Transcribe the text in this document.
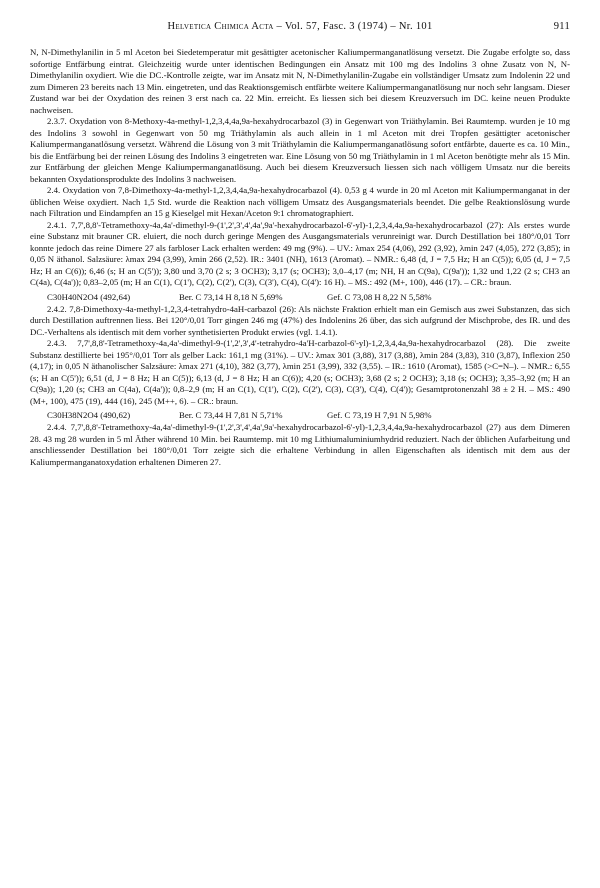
Helvetica Chimica Acta – Vol. 57, Fasc. 3 (1974) – Nr. 101	911

N, N-Dimethylanilin in 5 ml Aceton bei Siedetemperatur mit gesättigter acetonischer Kaliumpermanganatlösung versetzt. Die Zugabe erfolgte so, dass sofortige Entfärbung eintrat. Gleichzeitig wurde unter identischen Bedingungen ein Ansatz mit 100 mg des Indolins 3 ohne Zusatz von N, N-Dimethylanilin oxydiert. Wie die DC.-Kontrolle zeigte, war im Ansatz mit N, N-Dimethylanilin-Zugabe ein vollständiger Umsatz zum Indolenin 22 und zum Dimeren 23 bereits nach 13 Min. eingetreten, und das Reaktionsgemisch entfärbte weitere Kaliumpermanganatlösung nur noch sehr langsam. Dieser Zustand war bei der Oxydation des reinen 3 erst nach ca. 22 Min. erreicht. Es liessen sich bei diesem Kreuzversuch im DC. keine neuen Produkte nachweisen.

2.3.7. Oxydation von 8-Methoxy-4a-methyl-1,2,3,4,4a,9a-hexahydrocarbazol (3) in Gegenwart von Triäthylamin. Bei Raumtemp. wurden je 10 mg des Indolins 3 sowohl in Gegenwart von 50 mg Triäthylamin als auch allein in 1 ml Aceton mit drei Tropfen gesättigter acetonischer Kaliumpermanganatlösung versetzt. Während die Lösung von 3 mit Triäthylamin die Kaliumpermanganatlösung sofort entfärbte, dauerte es ca. 10 Min., bis die Entfärbung bei der reinen Lösung des Indolins 3 eingetreten war. Eine Lösung von 50 mg Triäthylamin in 1 ml Aceton benötigte mehr als 15 Min. zur Entfärbung der gleichen Menge Kaliumpermanganatlösung. Auch bei diesem Kreuzversuch liessen sich nach völligem Umsatz nur die bereits bekannten Oxydationsprodukte des Indolins 3 nachweisen.

2.4. Oxydation von 7,8-Dimethoxy-4a-methyl-1,2,3,4,4a,9a-hexahydrocarbazol (4). 0,53 g 4 wurde in 20 ml Aceton mit Kaliumpermanganat in der üblichen Weise oxydiert. Nach 1,5 Std. wurde die Reaktion nach völligem Umsatz des Ausgangsmaterials beendet. Die gelbe Reaktionslösung wurde nach Filtration und Eindampfen an 15 g Kieselgel mit Hexan/Aceton 9:1 chromatographiert.

2.4.1. 7,7',8,8'-Tetramethoxy-4a,4a'-dimethyl-9-(1',2',3',4',4a',9a'-hexahydrocarbazol-6'-yl)-1,2,3,4,4a,9a-hexahydrocarbazol (27): Als erstes wurde eine Substanz mit brauner CR. eluiert, die noch durch geringe Mengen des Ausgangsmaterials verunreinigt war. Durch Destillation bei 180°/0,01 Torr konnte jedoch das reine Dimere 27 als farbloser Lack erhalten werden: 49 mg (9%). – UV.: λmax 254 (4,06), 292 (3,92), λmin 247 (4,05), 272 (3,85); in 0,05 N äthanol. Salzsäure: λmax 294 (3,99), λmin 266 (2,52). IR.: 3401 (NH), 1613 (Aromat). – NMR.: 6,48 (d, J = 7,5 Hz; H an C(5)); 6,05 (d, J = 7,5 Hz; H an C(6)); 6,46 (s; H an C(5')); 3,80 und 3,70 (2 s; 3 OCH3); 3,17 (s; OCH3); 3,0–4,17 (m; NH, H an C(9a), C(9a')); 1,32 und 1,22 (2 s; CH3 an C(4a), C(4a')); 0,83–2,05 (m; H an C(1), C(1'), C(2), C(2'), C(3), C(3'), C(4), C(4'): 16 H). – MS.: 492 (M+, 100), 446 (17). – CR.: braun.

C30H40N2O4 (492,64)	Ber. C 73,14 H 8,18 N 5,69%	Gef. C 73,08 H 8,22 N 5,58%

2.4.2. 7,8-Dimethoxy-4a-methyl-1,2,3,4-tetrahydro-4aH-carbazol (26): Als nächste Fraktion erhielt man ein Gemisch aus zwei Substanzen, das sich durch Destillation auftrennen liess. Bei 120°/0,01 Torr gingen 246 mg (47%) des Indolenins 26 über, das sich aufgrund der Mischprobe, des IR. und des DC.-Verhaltens als identisch mit dem vorher synthetisierten Produkt erwies (vgl. 1.4.1).

2.4.3. 7,7',8,8'-Tetramethoxy-4a,4a'-dimethyl-9-(1',2',3',4'-tetrahydro-4a'H-carbazol-6'-yl)-1,2,3,4,4a,9a-hexahydrocarbazol (28). Die zweite Substanz destillierte bei 195°/0,01 Torr als gelber Lack: 161,1 mg (31%). – UV.: λmax 301 (3,88), 317 (3,88), λmin 284 (3,83), 310 (3,87), Inflexion 250 (4,17); in 0,05 N äthanolischer Salzsäure: λmax 271 (4,10), 382 (3,77), λmin 251 (3,99), 332 (3,55). – IR.: 1610 (Aromat), 1585 (>C=N–). – NMR.: 6,55 (s; H an C(5')); 6,51 (d, J = 8 Hz; H an C(5)); 6,13 (d, J = 8 Hz; H an C(6)); 4,20 (s; OCH3); 3,68 (2 s; 2 OCH3); 3,18 (s; OCH3); 3,35–3,92 (m; H an C(9a)); 1,20 (s; CH3 an C(4a), C(4a')); 0,8–2,9 (m; H an C(1), C(1'), C(2), C(2'), C(3), C(3'), C(4), C(4')); Gesamtprotonenzahl 38 ± 2 H. – MS.: 490 (M+, 100), 475 (19), 444 (16), 245 (M++, 6). – CR.: braun.

C30H38N2O4 (490,62)	Ber. C 73,44 H 7,81 N 5,71%	Gef. C 73,19 H 7,91 N 5,98%

2.4.4. 7,7',8,8'-Tetramethoxy-4a,4a'-dimethyl-9-(1',2',3',4',4a',9a'-hexahydrocarbazol-6'-yl)-1,2,3,4,4a,9a-hexahydrocarbazol (27) aus dem Dimeren 28. 43 mg 28 wurden in 5 ml Äther während 10 Min. bei Raumtemp. mit 10 mg Lithiumaluminiumhydrid reduziert. Nach der üblichen Aufarbeitung und anschliessender Destillation bei 180°/0,01 Torr zeigte sich die erhaltene Verbindung in allen Eigenschaften als identisch mit dem aus der Kaliumpermanganatoxydation erhaltenen Dimeren 27.
